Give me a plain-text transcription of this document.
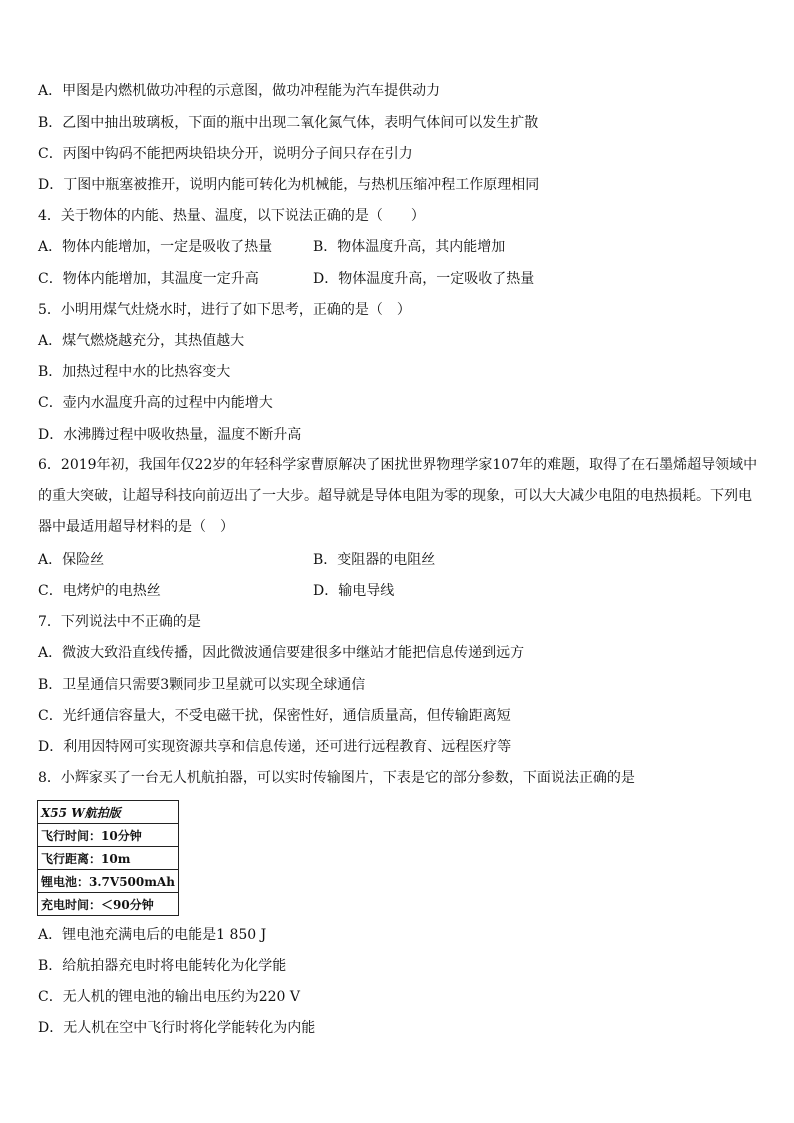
A．甲图是内燃机做功冲程的示意图，做功冲程能为汽车提供动力
B．乙图中抽出玻璃板，下面的瓶中出现二氧化氮气体，表明气体间可以发生扩散
C．丙图中钩码不能把两块铅块分开，说明分子间只存在引力
D．丁图中瓶塞被推开，说明内能可转化为机械能，与热机压缩冲程工作原理相同
4．关于物体的内能、热量、温度，以下说法正确的是（　　）
A．物体内能增加，一定是吸收了热量	B．物体温度升高，其内能增加
C．物体内能增加，其温度一定升高	D．物体温度升高，一定吸收了热量
5．小明用煤气灶烧水时，进行了如下思考，正确的是（　）
A．煤气燃烧越充分，其热值越大
B．加热过程中水的比热容变大
C．壶内水温度升高的过程中内能增大
D．水沸腾过程中吸收热量，温度不断升高
6．2019年初，我国年仅22岁的年轻科学家曹原解决了困扰世界物理学家107年的难题，取得了在石墨烯超导领域中的重大突破，让超导科技向前迈出了一大步。超导就是导体电阻为零的现象，可以大大减少电阻的电热损耗。下列电器中最适用超导材料的是（　）
A．保险丝	B．变阻器的电阻丝
C．电烤炉的电热丝	D．输电导线
7．下列说法中不正确的是
A．微波大致沿直线传播，因此微波通信要建很多中继站才能把信息传递到远方
B．卫星通信只需要3颗同步卫星就可以实现全球通信
C．光纤通信容量大，不受电磁干扰，保密性好，通信质量高，但传输距离短
D．利用因特网可实现资源共享和信息传递，还可进行远程教育、远程医疗等
8．小辉家买了一台无人机航拍器，可以实时传输图片，下表是它的部分参数，下面说法正确的是
X55 W航拍版
飞行时间：10分钟
飞行距离：10m
锂电池：3.7V500mAh
充电时间：＜90分钟
A．锂电池充满电后的电能是1 850 J
B．给航拍器充电时将电能转化为化学能
C．无人机的锂电池的输出电压约为220 V
D．无人机在空中飞行时将化学能转化为内能
